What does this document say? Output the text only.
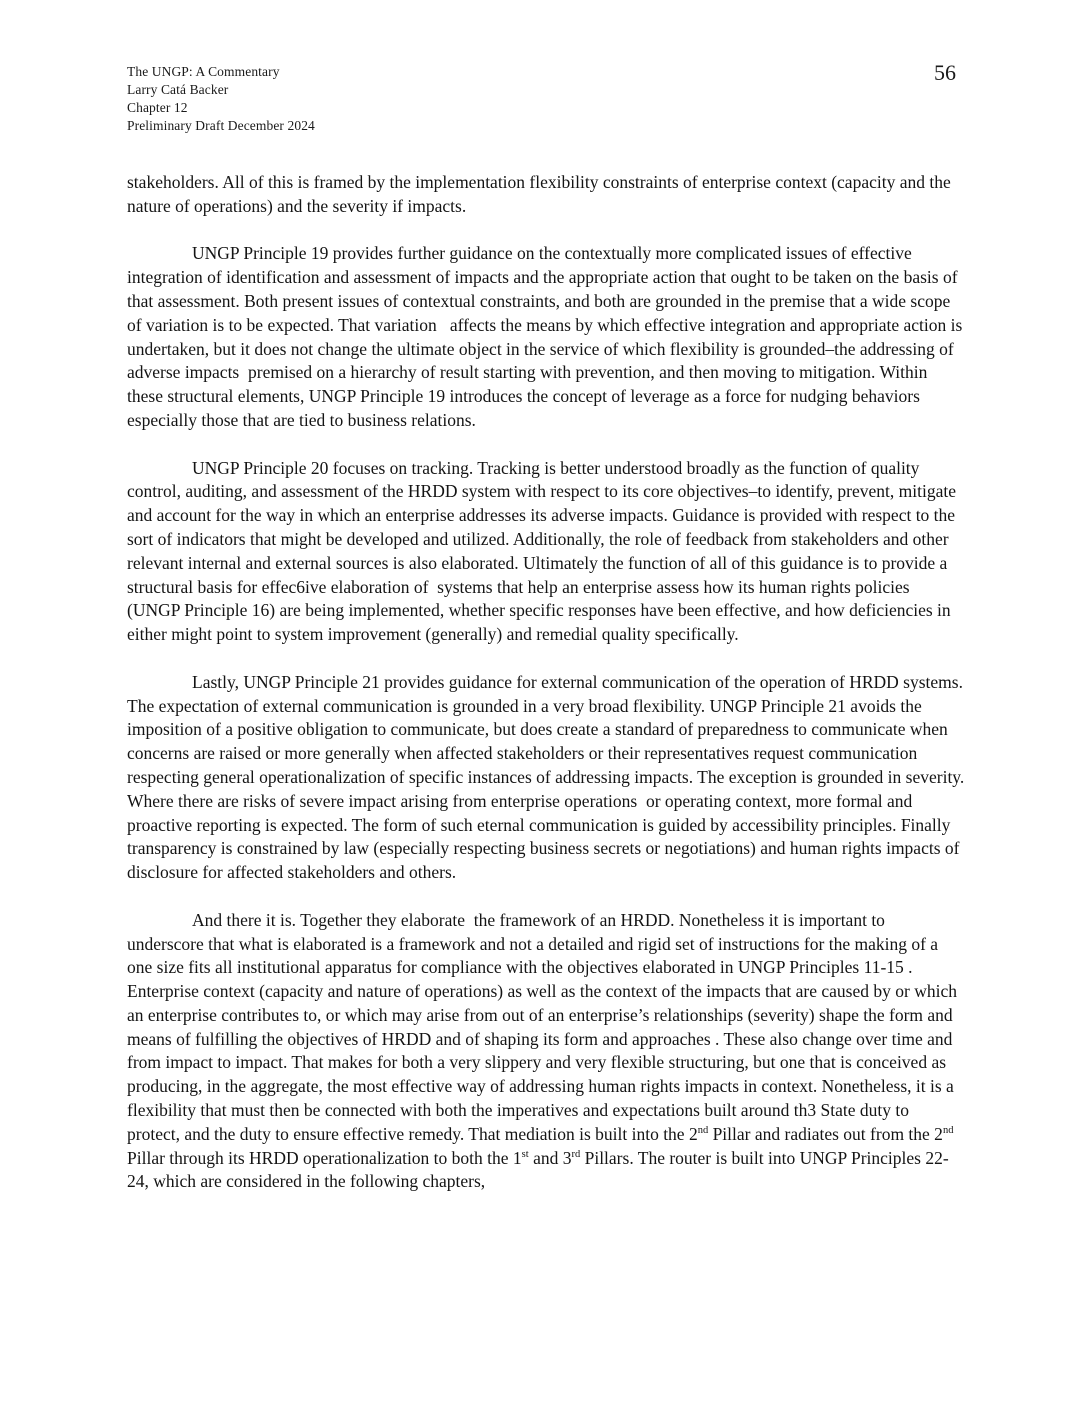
The UNGP: A Commentary
Larry Catá Backer
Chapter 12
Preliminary Draft December 2024
56

stakeholders. All of this is framed by the implementation flexibility constraints of enterprise context (capacity and the nature of operations) and the severity if impacts.

UNGP Principle 19 provides further guidance on the contextually more complicated issues of effective integration of identification and assessment of impacts and the appropriate action that ought to be taken on the basis of that assessment. Both present issues of contextual constraints, and both are grounded in the premise that a wide scope of variation is to be expected. That variation   affects the means by which effective integration and appropriate action is undertaken, but it does not change the ultimate object in the service of which flexibility is grounded–the addressing of adverse impacts  premised on a hierarchy of result starting with prevention, and then moving to mitigation. Within these structural elements, UNGP Principle 19 introduces the concept of leverage as a force for nudging behaviors especially those that are tied to business relations.

UNGP Principle 20 focuses on tracking. Tracking is better understood broadly as the function of quality control, auditing, and assessment of the HRDD system with respect to its core objectives–to identify, prevent, mitigate and account for the way in which an enterprise addresses its adverse impacts. Guidance is provided with respect to the sort of indicators that might be developed and utilized. Additionally, the role of feedback from stakeholders and other relevant internal and external sources is also elaborated. Ultimately the function of all of this guidance is to provide a structural basis for effec6ive elaboration of  systems that help an enterprise assess how its human rights policies (UNGP Principle 16) are being implemented, whether specific responses have been effective, and how deficiencies in either might point to system improvement (generally) and remedial quality specifically.

Lastly, UNGP Principle 21 provides guidance for external communication of the operation of HRDD systems. The expectation of external communication is grounded in a very broad flexibility. UNGP Principle 21 avoids the  imposition of a positive obligation to communicate, but does create a standard of preparedness to communicate when concerns are raised or more generally when affected stakeholders or their representatives request communication respecting general operationalization of specific instances of addressing impacts. The exception is grounded in severity. Where there are risks of severe impact arising from enterprise operations  or operating context, more formal and proactive reporting is expected. The form of such eternal communication is guided by accessibility principles. Finally transparency is constrained by law (especially respecting business secrets or negotiations) and human rights impacts of disclosure for affected stakeholders and others.

And there it is. Together they elaborate  the framework of an HRDD. Nonetheless it is important to underscore that what is elaborated is a framework and not a detailed and rigid set of instructions for the making of a one size fits all institutional apparatus for compliance with the objectives elaborated in UNGP Principles 11-15 . Enterprise context (capacity and nature of operations) as well as the context of the impacts that are caused by or which an enterprise contributes to, or which may arise from out of an enterprise’s relationships (severity) shape the form and means of fulfilling the objectives of HRDD and of shaping its form and approaches . These also change over time and from impact to impact. That makes for both a very slippery and very flexible structuring, but one that is conceived as producing, in the aggregate, the most effective way of addressing human rights impacts in context. Nonetheless, it is a flexibility that must then be connected with both the imperatives and expectations built around th3 State duty to protect, and the duty to ensure effective remedy. That mediation is built into the 2nd Pillar and radiates out from the 2nd Pillar through its HRDD operationalization to both the 1st and 3rd Pillars. The router is built into UNGP Principles 22-24, which are considered in the following chapters,
